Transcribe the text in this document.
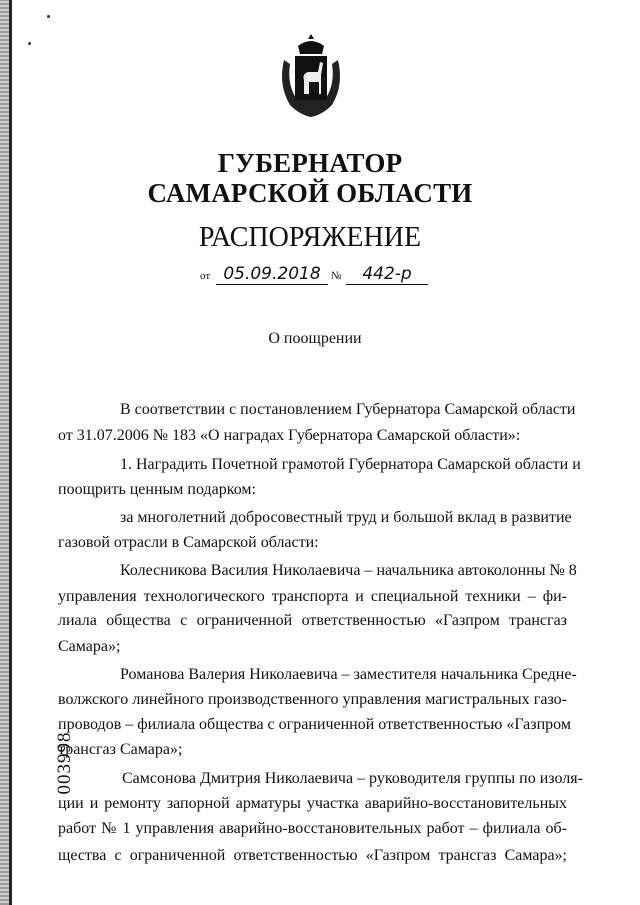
ГУБЕРНАТОР
САМАРСКОЙ ОБЛАСТИ
РАСПОРЯЖЕНИЕ
от 05.09.2018 №	442-р
О поощрении
В соответствии с постановлением Губернатора Самарской области
от 31.07.2006 № 183 «О наградах Губернатора Самарской области»:
1. Наградить Почетной грамотой Губернатора Самарской области и
поощрить ценным подарком:
за многолетний добросовестный труд и большой вклад в развитие
газовой отрасли в Самарской области:
Колесникова Василия Николаевича – начальника автоколонны № 8
управления технологического транспорта и специальной техники – фи-
лиала общества с ограниченной ответственностью «Газпром трансгаз
Самара»;
Романова Валерия Николаевича – заместителя начальника Средне-
волжского линейного производственного управления магистральных газо-
проводов – филиала общества с ограниченной ответственностью «Газпром
трансгаз Самара»;
Самсонова Дмитрия Николаевича – руководителя группы по изоля-
ции и ремонту запорной арматуры участка аварийно-восстановительных
работ № 1 управления аварийно-восстановительных работ – филиала об-
щества с ограниченной ответственностью «Газпром трансгаз Самара»;
003998
